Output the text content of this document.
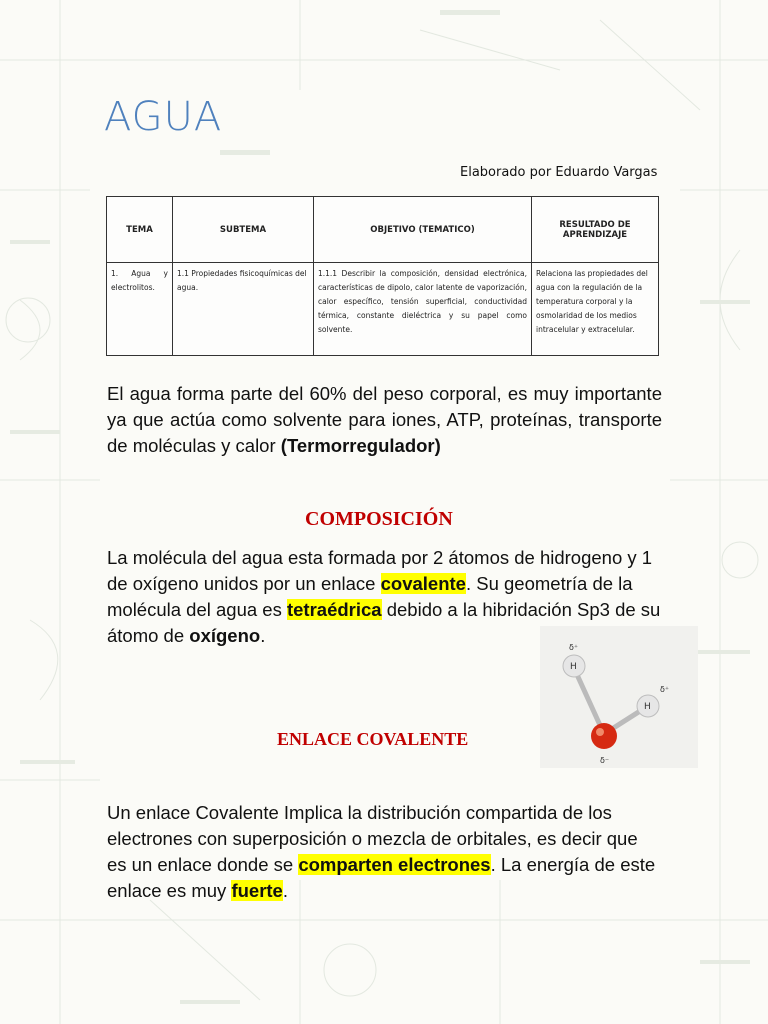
AGUA
Elaborado por Eduardo Vargas
TEMA	SUBTEMA	OBJETIVO (TEMATICO)	RESULTADO DE APRENDIZAJE
1. Agua y electrolitos.	1.1 Propiedades fisicoquímicas del agua.	1.1.1 Describir la composición, densidad electrónica, características de dipolo, calor latente de vaporización, calor específico, tensión superficial, conductividad térmica, constante dieléctrica y su papel como solvente.	Relaciona las propiedades del agua con la regulación de la temperatura corporal y la osmolaridad de los medios intracelular y extracelular.

El agua forma parte del 60% del peso corporal, es muy importante ya que actúa como solvente para iones, ATP, proteínas, transporte de moléculas y calor (Termorregulador)

COMPOSICIÓN

La molécula del agua esta formada por 2 átomos de hidrogeno y 1 de oxígeno unidos por un enlace covalente. Su geometría de la molécula del agua es tetraédrica debido a la hibridación Sp3 de su átomo de oxígeno.

δ⁺
H
δ⁺
H
δ⁻
ENLACE COVALENTE

Un enlace Covalente Implica la distribución compartida de los electrones con superposición o mezcla de orbitales, es decir que es un enlace donde se comparten electrones. La energía de este enlace es muy fuerte.
